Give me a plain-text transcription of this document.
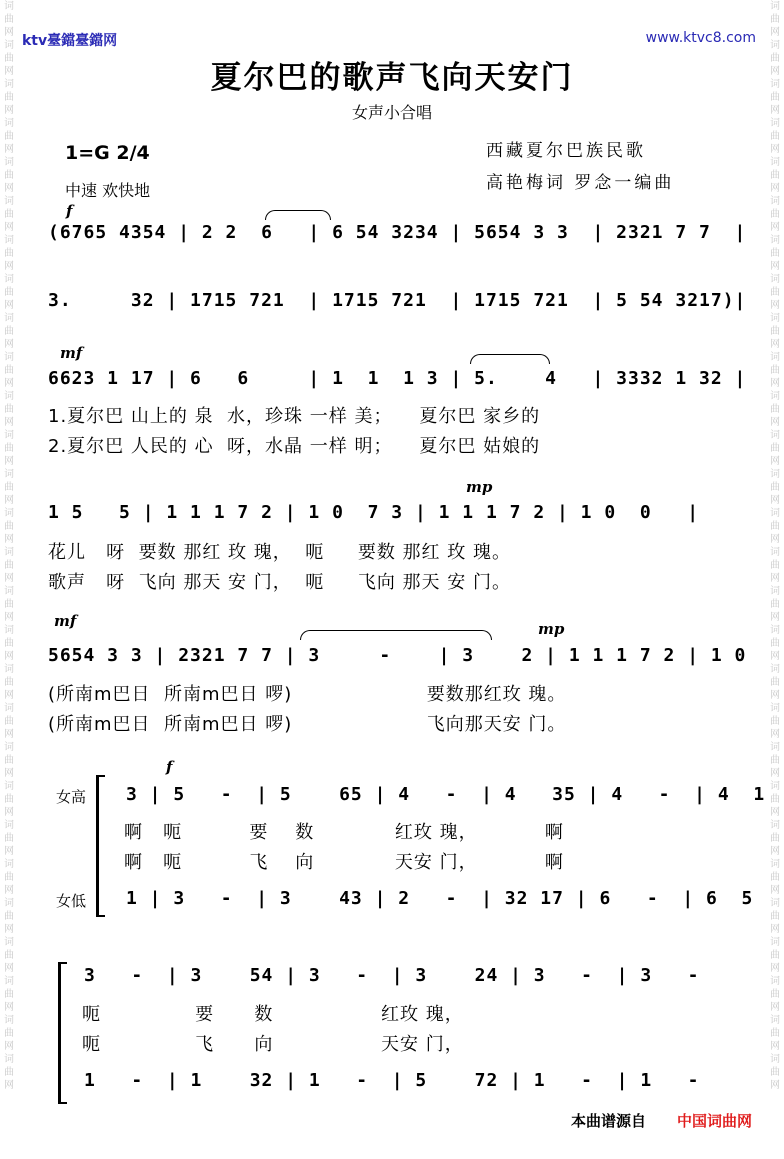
词曲网词曲网词曲网词曲网词曲网词曲网词曲网词曲网词曲网词曲网词曲网词曲网词曲网词曲网词曲网词曲网词曲网词曲网词曲网词曲网词曲网词曲网词曲网词曲网词曲网词曲网词曲网词曲网
词曲网词曲网词曲网词曲网词曲网词曲网词曲网词曲网词曲网词曲网词曲网词曲网词曲网词曲网词曲网词曲网词曲网词曲网词曲网词曲网词曲网词曲网词曲网词曲网词曲网词曲网词曲网词曲网
ktv臺鐺臺鐺网	www.ktvc8.com
夏尔巴的歌声飞向天安门
女声小合唱
1=G 2/4
中速 欢快地
西藏夏尔巴族民歌
高艳梅词 罗念一编曲
f
(6765 4354 | 2 2  6   | 6 54 3234 | 5654 3 3  | 2321 7 7  |
3.     32 | 1715 721  | 1715 721  | 1715 721  | 5 54 3217)|
mf
6623 1 17 | 6   6     | 1  1  1 3 | 5.    4   | 3332 1 32 |
1.夏尔巴 山上的 泉  水，珍珠 一样 美；    夏尔巴 家乡的
2.夏尔巴 人民的 心  呀，水晶 一样 明；    夏尔巴 姑娘的
mp
1 5   5 | 1 1 1 7 2 | 1 0  7 3 | 1 1 1 7 2 | 1 0  0   |
花儿   呀  要数 那红 玫 瑰，  呃     要数 那红 玫 瑰。
歌声   呀  飞向 那天 安 门，  呃     飞向 那天 安 门。
mf	mp
5654 3 3 | 2321 7 7 | 3     -    | 3    2 | 1 1 1 7 2 | 1 0
(所南m巴日  所南m巴日 啰)                    要数那红玫 瑰。
(所南m巴日  所南m巴日 啰)                    飞向那天安 门。
女高
女低
f
3 | 5   -  | 5    65 | 4   -  | 4   35 | 4   -  | 4  1
啊   呃          要    数            红玫 瑰，          啊
啊   呃          飞    向            天安 门，          啊
1 | 3   -  | 3    43 | 2   -  | 32 17 | 6   -  | 6  5
3   -  | 3    54 | 3   -  | 3    24 | 3   -  | 3   -
呃              要      数                红玫 瑰，
呃              飞      向                天安 门，
1   -  | 1    32 | 1   -  | 5    72 | 1   -  | 1   -
本曲谱源自 中国词曲网
